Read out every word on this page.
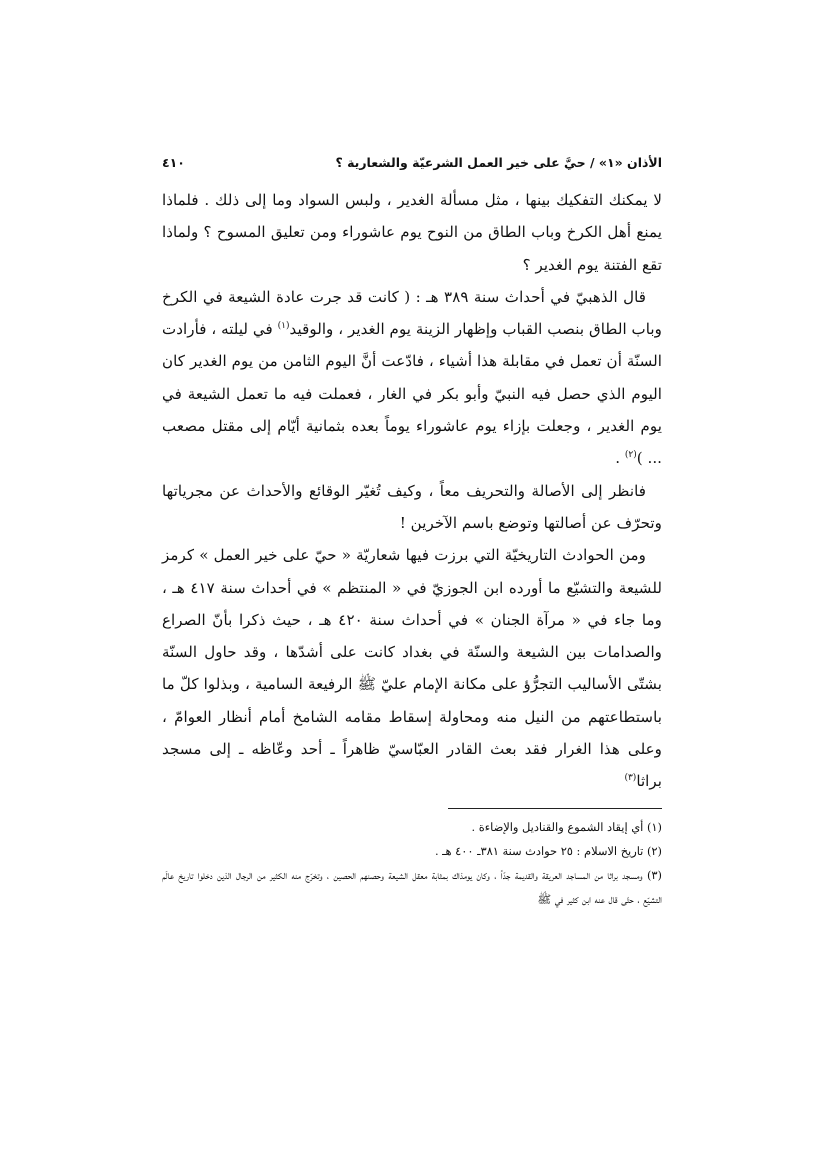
الأذان «١» / حيَّ على خير العمل الشرعيّة والشعارية ؟
٤١٠

لا يمكنك التفكيك بينها ، مثل مسألة الغدير ، ولبس السواد وما إلى ذلك . فلماذا يمنع أهل الكرخ وباب الطاق من النوح يوم عاشوراء ومن تعليق المسوح ؟ ولماذا تقع الفتنة يوم الغدير ؟

قال الذهبيّ في أحداث سنة ٣٨٩ هـ : ( كانت قد جرت عادة الشيعة في الكرخ وباب الطاق بنصب القباب وإظهار الزينة يوم الغدير ، والوقيد$^{(١)}$ في ليلته ، فأرادت السنّة أن تعمل في مقابلة هذا أشياء ، فادّعت أنَّ اليوم الثامن من يوم الغدير كان اليوم الذي حصل فيه النبيّ وأبو بكر في الغار ، فعملت فيه ما تعمل الشيعة في يوم الغدير ، وجعلت بإزاء يوم عاشوراء يوماً بعده بثمانية أيّام إلى مقتل مصعب ... )$^{(٢)}$ .

فانظر إلى الأصالة والتحريف معاً ، وكيف تُغيّر الوقائع والأحداث عن مجرياتها وتحرّف عن أصالتها وتوضع باسم الآخرين !

ومن الحوادث التاريخيّة التي برزت فيها شعاريّة « حيّ على خير العمل » كرمز للشيعة والتشيّع ما أورده ابن الجوزيّ في « المنتظم » في أحداث سنة ٤١٧ هـ ، وما جاء في « مرآة الجنان » في أحداث سنة ٤٢٠ هـ ، حيث ذكرا بأنّ الصراع والصدامات بين الشيعة والسنّة في بغداد كانت على أشدّها ، وقد حاول السنّة بشتّى الأساليب التجرُّؤ على مكانة الإمام عليّ ﷺ الرفيعة السامية ، وبذلوا كلّ ما باستطاعتهم من النيل منه ومحاولة إسقاط مقامه الشامخ أمام أنظار العوامّ ، وعلى هذا الغرار فقد بعث القادر العبّاسيّ ظاهراً ـ أحد وعّاظه ـ إلى مسجد براثا$^{(٣)}$

(١) أي إيقاد الشموع والقناديل والإضاءة .

(٢) تاريخ الاسلام : ٢٥ حوادث سنة ٣٨١ـ ٤٠٠ هـ .

(٣) ومسجد براثا من المساجد العريقة والقديمة جدّاً ، وكان يومذاك بمثابة معقل الشيعة وحصنهم الحصين ، وتخرّج منه الكثير من الرجال الذين دخلوا تاريخ عالَم التشيّع ، حتّى قال عنه ابن كثير في ﷺ
